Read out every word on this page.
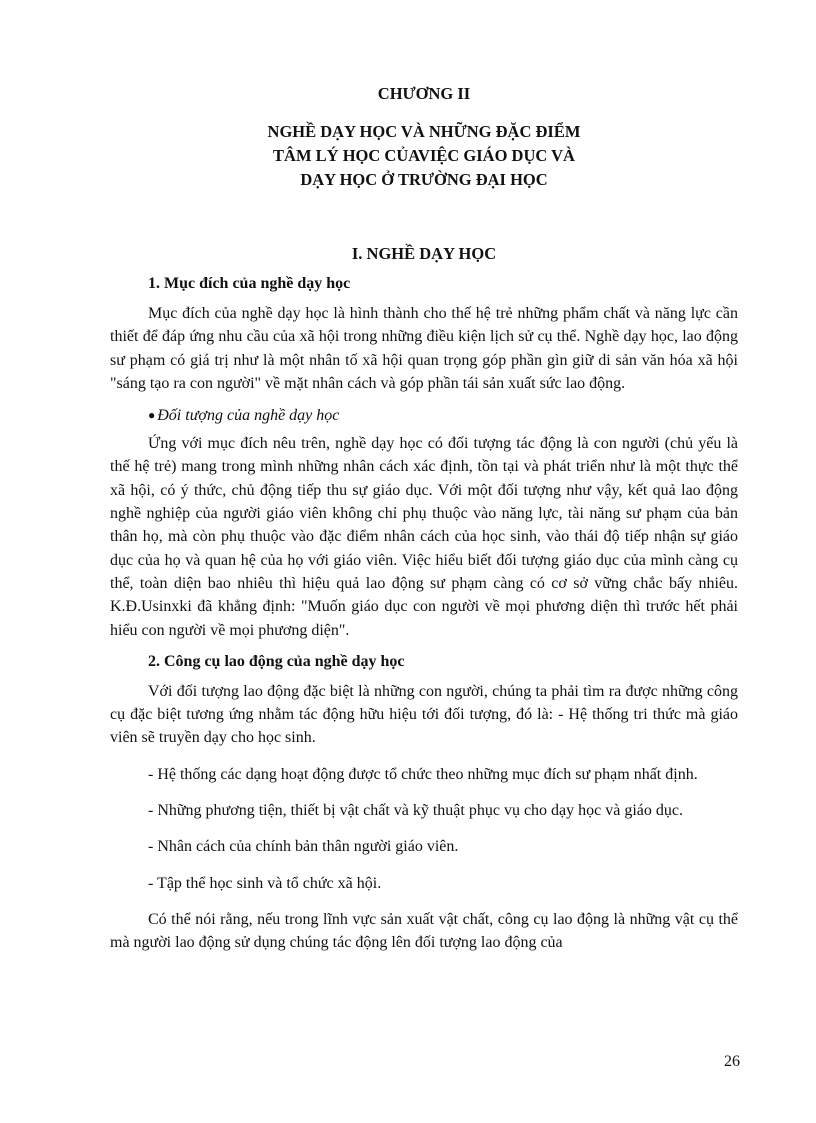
CHƯƠNG II
NGHỀ DẠY HỌC VÀ NHỮNG ĐẶC ĐIỂM
TÂM LÝ HỌC CỦAVIỆC GIÁO DỤC VÀ
DẠY HỌC Ở TRƯỜNG ĐẠI HỌC
I. NGHỀ DẠY HỌC
1. Mục đích của nghề dạy học

Mục đích của nghề dạy học là hình thành cho thế hệ trẻ những phẩm chất và năng lực cần thiết để đáp ứng nhu cầu của xã hội trong những điều kiện lịch sử cụ thể. Nghề dạy học, lao động sư phạm có giá trị như là một nhân tố xã hội quan trọng góp phần gìn giữ di sản văn hóa xã hội "sáng tạo ra con người" về mặt nhân cách và góp phần tái sản xuất sức lao động.

● Đối tượng của nghề dạy học

Ứng với mục đích nêu trên, nghề dạy học có đối tượng tác động là con người (chủ yếu là thế hệ trẻ) mang trong mình những nhân cách xác định, tồn tại và phát triển như là một thực thể xã hội, có ý thức, chủ động tiếp thu sự giáo dục. Với một đối tượng như vậy, kết quả lao động nghề nghiệp của người giáo viên không chỉ phụ thuộc vào năng lực, tài năng sư phạm của bản thân họ, mà còn phụ thuộc vào đặc điểm nhân cách của học sinh, vào thái độ tiếp nhận sự giáo dục của họ và quan hệ của họ với giáo viên. Việc hiểu biết đối tượng giáo dục của mình càng cụ thể, toàn diện bao nhiêu thì hiệu quả lao động sư phạm càng có cơ sở vững chắc bấy nhiêu. K.Đ.Usinxki đã khẳng định: "Muốn giáo dục con người về mọi phương diện thì trước hết phải hiểu con người về mọi phương diện".

2. Công cụ lao động của nghề dạy học

Với đối tượng lao động đặc biệt là những con người, chúng ta phải tìm ra được những công cụ đặc biệt tương ứng nhằm tác động hữu hiệu tới đối tượng, đó là: - Hệ thống tri thức mà giáo viên sẽ truyền dạy cho học sinh.

- Hệ thống các dạng hoạt động được tổ chức theo những mục đích sư phạm nhất định.

- Những phương tiện, thiết bị vật chất và kỹ thuật phục vụ cho dạy học và giáo dục.

- Nhân cách của chính bản thân người giáo viên.

- Tập thể học sinh và tổ chức xã hội.

Có thể nói rằng, nếu trong lĩnh vực sản xuất vật chất, công cụ lao động là những vật cụ thể mà người lao động sử dụng chúng tác động lên đối tượng lao động của

26
